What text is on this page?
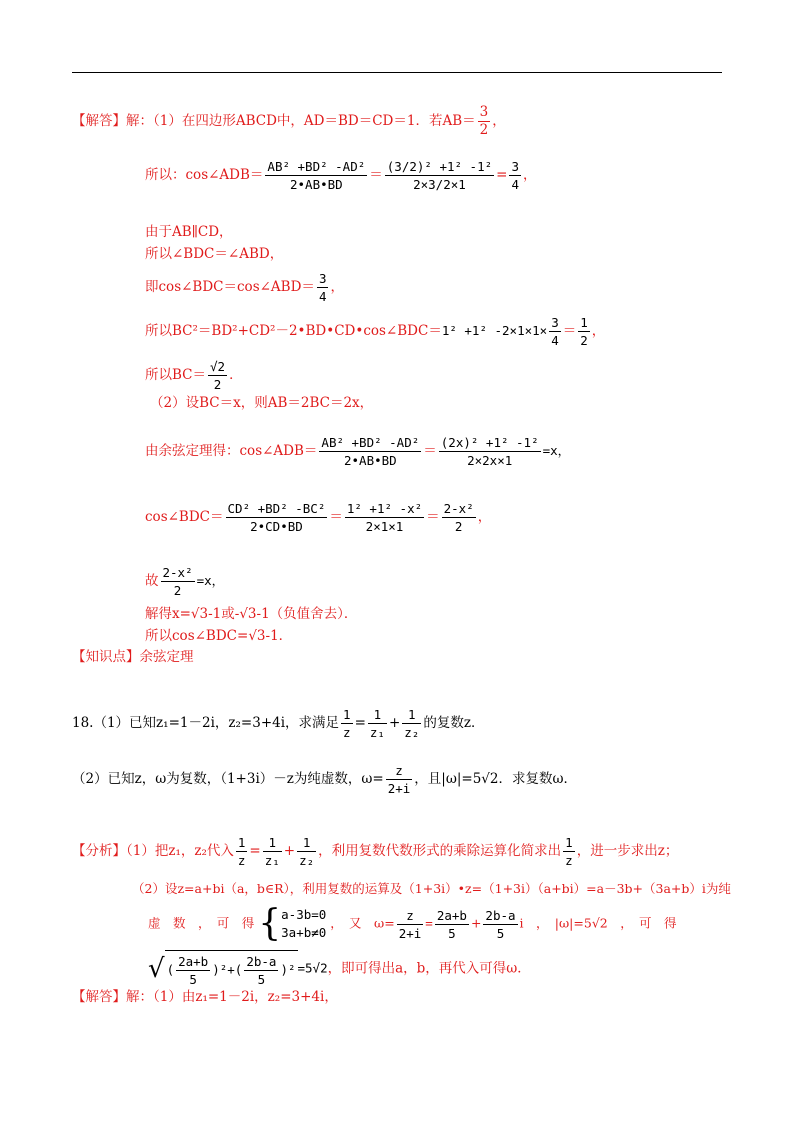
【解答】解：（1）在四边形ABCD中，AD＝BD＝CD＝1．若$AB= \frac{3}{2}$ ，
所以：cos∠ADB＝ $\frac{\text{AB² +BD² -AD²}}{2•AB•BD} = \frac{\text{(3/2)² +1² -1²}}{2\times 3/2\times 1} = \frac{3}{4}$ ，
由于AB∥CD，
所以∠BDC＝∠ABD，
即cos∠BDC＝cos∠ABD＝ $\frac{3}{4}$ ，
所以BC²＝BD²+CD²－2•BD•CD•cos∠BDC＝1² +1² $-2\times 1\times 1\times \frac{3}{4} = \frac{1}{2}$ ，
所以$BC= \frac{√2}{2}$ ．
（2）设BC＝x，则AB＝2BC＝2x，
由余弦定理得：cos∠ADB＝ $\frac{\text{AB² +BD² -AD²}}{2•AB•BD} = \frac{\text{(2x)² +1² -1²}}{2\times 2x\times 1} =x$，
cos∠BDC＝ $\frac{\text{CD² +BD² -BC²}}{2•CD•BD} = \frac{\text{1² +1² -x²}}{2\times 1\times 1} = \frac{\text{2-x²}}{2}$ ，
故 $\frac{\text{2-x²}}{2} =x$，
解得x=√3-1或-√3-1（负值舍去）．
所以cos∠BDC=√3-1．
【知识点】余弦定理
18.（1）已知z₁=1－2i，z₂=3+4i，求满足 $\frac{1}{z} = \frac{1}{\text{z₁}} + \frac{1}{\text{z₂}}$ 的复数z．
（2）已知z，ω为复数，（1+3i）－z为纯虚数，$\omega= \frac{z}{2+i}$ ，且|ω|=5√2．求复数ω．
【分析】（1）把z₁，z₂代入 $\frac{1}{z} = \frac{1}{\text{z₁}} + \frac{1}{\text{z₂}}$ ，利用复数代数形式的乘除运算化简求出 $\frac{1}{z}$ ，进一步求出z；
（2）设z=a+bi（a，b∈R），利用复数的运算及（1+3i）•z=（1+3i）（a+bi）=a－3b+（3a+b）i为纯
虚　数　，　可　得 { a-3b=0
3a+b≠0
，　又　$\omega= \frac{z}{2+i} = \frac{2a+b}{5} + \frac{2b-a}{5}$ i　，　|ω|=5√2　，　可　得
√ ( $\frac{2a+b}{5} )^2+( \frac{2b-a}{5} )^2 =5√2$，即可得出a，b，再代入可得ω．
【解答】解：（1）由z₁=1－2i，z₂=3+4i，
